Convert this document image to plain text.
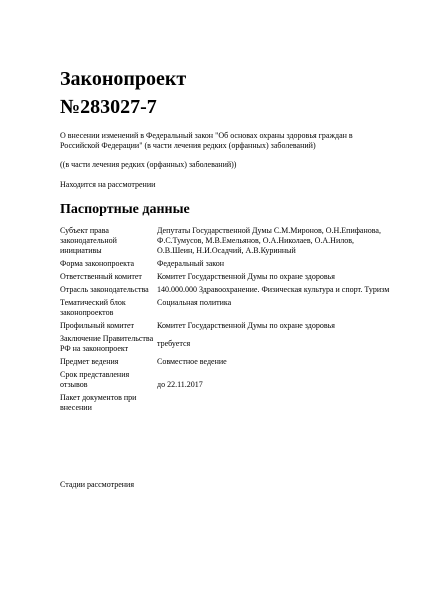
Законопроект
№283027-7
О внесении изменений в Федеральный закон "Об основах охраны здоровья граждан в Российской Федерации" (в части лечения редких (орфанных) заболеваний)
((в части лечения редких (орфанных) заболеваний))
Находится на рассмотрении
Паспортные данные
Субъект права законодательной инициативы	Депутаты Государственной Думы С.М.Миронов, О.Н.Епифанова, Ф.С.Тумусов, М.В.Емельянов, О.А.Николаев, О.А.Нилов, О.В.Шеин, Н.И.Осадчий, А.В.Куринный
Форма законопроекта	Федеральный закон
Ответственный комитет	Комитет Государственной Думы по охране здоровья
Отрасль законодательства	140.000.000 Здравоохранение. Физическая культура и спорт. Туризм
Тематический блок законопроектов	Социальная политика
Профильный комитет	Комитет Государственной Думы по охране здоровья
Заключение Правительства РФ на законопроект	требуется
Предмет ведения	Совместное ведение
Срок представления отзывов	до 22.11.2017
Пакет документов при внесении	
Стадии рассмотрения
